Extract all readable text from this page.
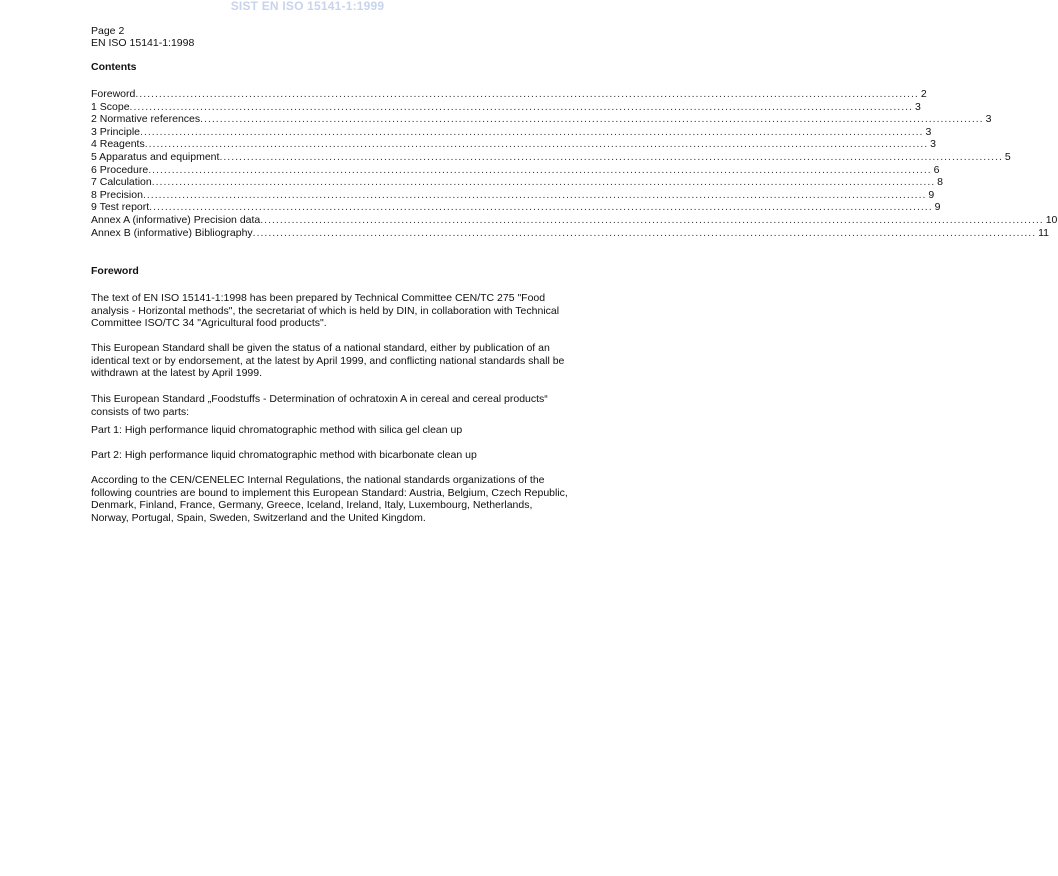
SIST EN ISO 15141-1:1999
Page 2
EN ISO 15141-1:1998
Contents
Foreword ........................................................................................................................................................................................................ 2
1 Scope ........................................................................................................................................................................................................ 3
2 Normative references ........................................................................................................................................................................................................ 3
3 Principle ........................................................................................................................................................................................................ 3
4 Reagents ........................................................................................................................................................................................................ 3
5 Apparatus and equipment ........................................................................................................................................................................................................ 5
6 Procedure ........................................................................................................................................................................................................ 6
7 Calculation ........................................................................................................................................................................................................ 8
8 Precision ........................................................................................................................................................................................................ 9
9 Test report ........................................................................................................................................................................................................ 9
Annex A (informative) Precision data ........................................................................................................................................................................................................ 10
Annex B (informative) Bibliography ........................................................................................................................................................................................................ 11
Foreword
The text of EN ISO 15141-1:1998 has been prepared by Technical Committee CEN/TC 275 "Food analysis - Horizontal methods", the secretariat of which is held by DIN, in collaboration with Technical Committee ISO/TC 34 "Agricultural food products".
This European Standard shall be given the status of a national standard, either by publication of an identical text or by endorsement, at the latest by April 1999, and conflicting national standards shall be withdrawn at the latest by April 1999.
This European Standard „Foodstuffs - Determination of ochratoxin A in cereal and cereal products“ consists of two parts:
Part 1: High performance liquid chromatographic method with silica gel clean up
Part 2: High performance liquid chromatographic method with bicarbonate clean up
According to the CEN/CENELEC Internal Regulations, the national standards organizations of the following countries are bound to implement this European Standard: Austria, Belgium, Czech Republic, Denmark, Finland, France, Germany, Greece, Iceland, Ireland, Italy, Luxembourg, Netherlands, Norway, Portugal, Spain, Sweden, Switzerland and the United Kingdom.
